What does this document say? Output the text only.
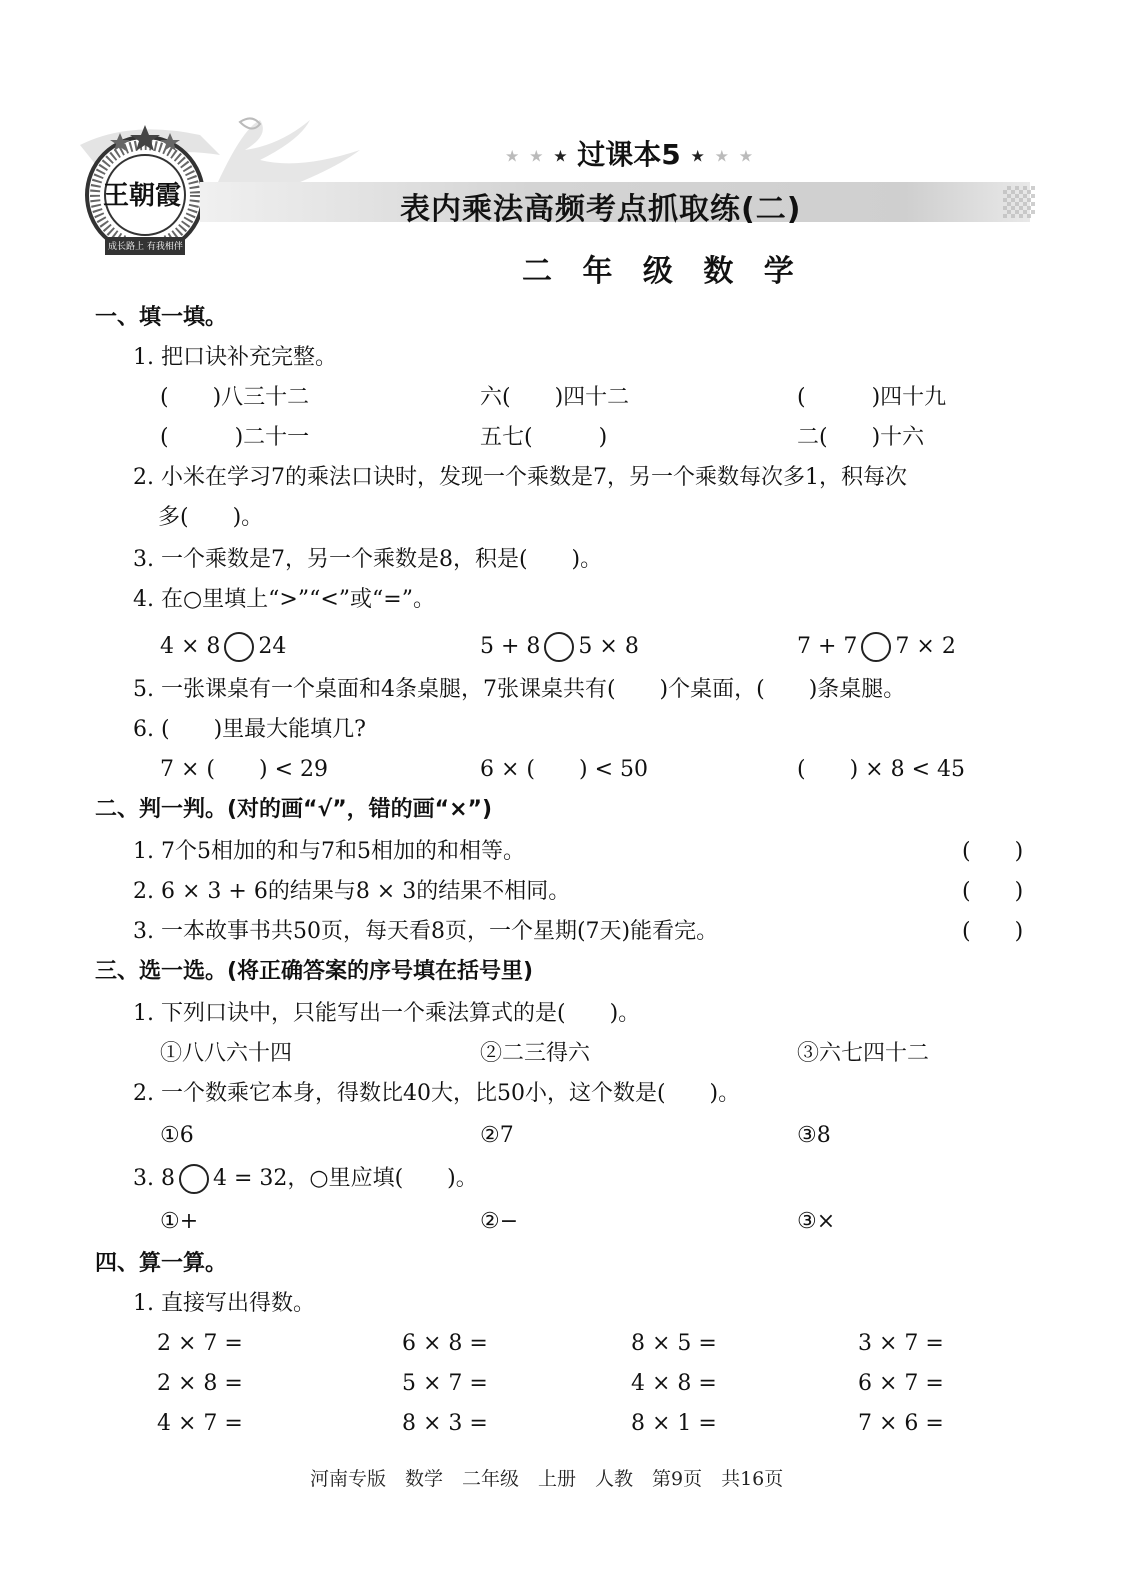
王朝霞
成长路上 有我相伴
★ ★ ★ 过课本5 ★ ★ ★
表内乘法高频考点抓取练(二)
二 年 级 数 学
一、填一填。
1. 把口诀补充完整。
(　　)八三十二	六(　　)四十二	(　　　)四十九
(　　　)二十一	五七(　　　)	二(　　)十六
2. 小米在学习7的乘法口诀时，发现一个乘数是7，另一个乘数每次多1，积每次
多(　　)。
3. 一个乘数是7，另一个乘数是8，积是(　　)。
4. 在○里填上“>”“<”或“=”。
4 × 8 24	5 + 8 5 × 8	7 + 7 7 × 2
5. 一张课桌有一个桌面和4条桌腿，7张课桌共有(　　)个桌面，(　　)条桌腿。
6. (　　)里最大能填几?
7 × (　　) < 29	6 × (　　) < 50	(　　) × 8 < 45
二、判一判。(对的画“√”，错的画“×”)
1. 7个5相加的和与7和5相加的和相等。	(　　)
2. 6 × 3 + 6的结果与8 × 3的结果不相同。	(　　)
3. 一本故事书共50页，每天看8页，一个星期(7天)能看完。	(　　)
三、选一选。(将正确答案的序号填在括号里)
1. 下列口诀中，只能写出一个乘法算式的是(　　)。
①八八六十四	②二三得六	③六七四十二
2. 一个数乘它本身，得数比40大，比50小，这个数是(　　)。
①6	②7	③8
3. 8 4 = 32，○里应填(　　)。
①+	②−	③×
四、算一算。
1. 直接写出得数。
2 × 7 =	6 × 8 =	8 × 5 =	3 × 7 =
2 × 8 =	5 × 7 =	4 × 8 =	6 × 7 =
4 × 7 =	8 × 3 =	8 × 1 =	7 × 6 =
河南专版　数学　二年级　上册　人教　第9页　共16页
